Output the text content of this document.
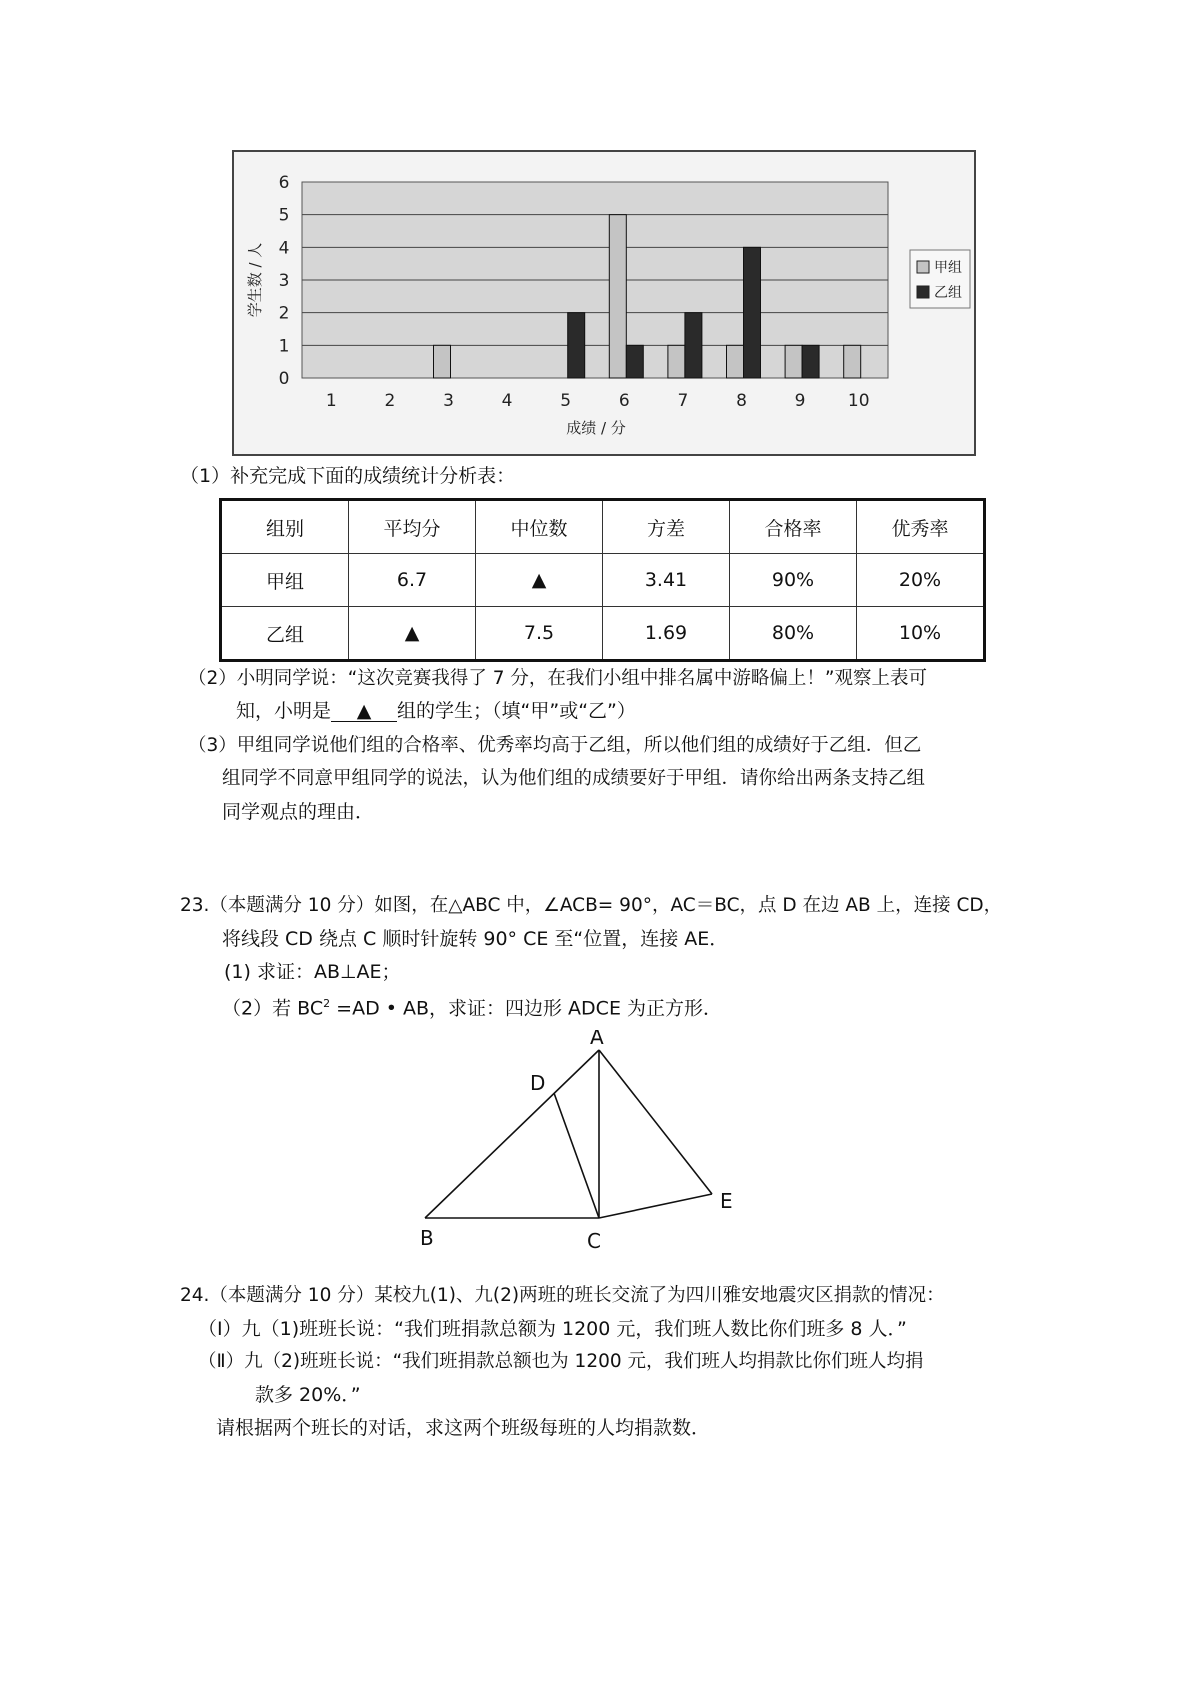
0
1
2
3
4
5
6
1	2	3	4	5	6	7	8	9 10
学生数 / 人
成绩 / 分
甲组
乙组
（1）补充完成下面的成绩统计分析表：
组别	平均分	中位数	方差	合格率	优秀率
甲组	6.7	▲	3.41	90%	20%
乙组	▲	7.5	1.69	80%	10%
（2）小明同学说：“这次竞赛我得了 7 分，在我们小组中排名属中游略偏上！”观察上表可
知，小明是 ▲ 组的学生；（填“甲”或“乙”）
（3）甲组同学说他们组的合格率、优秀率均高于乙组，所以他们组的成绩好于乙组．但乙
组同学不同意甲组同学的说法，认为他们组的成绩要好于甲组．请你给出两条支持乙组
同学观点的理由．
23.（本题满分 10 分）如图，在△ABC 中，∠ACB= 90°，AC＝BC，点 D 在边 AB 上，连接 CD，
将线段 CD 绕点 C 顺时针旋转 90° CE 至“位置，连接 AE．
(1) 求证：AB⊥AE；
（2）若 $BC^2 =AD$ • AB，求证：四边形 ADCE 为正方形．
A
D
E
B	C
24.（本题满分 10 分）某校九(1)、九(2)两班的班长交流了为四川雅安地震灾区捐款的情况：
（Ⅰ）九（1)班班长说：“我们班捐款总额为 1200 元，我们班人数比你们班多 8 人．”
（Ⅱ）九（2)班班长说：“我们班捐款总额也为 1200 元，我们班人均捐款比你们班人均捐
款多 20%．”
请根据两个班长的对话，求这两个班级每班的人均捐款数．
